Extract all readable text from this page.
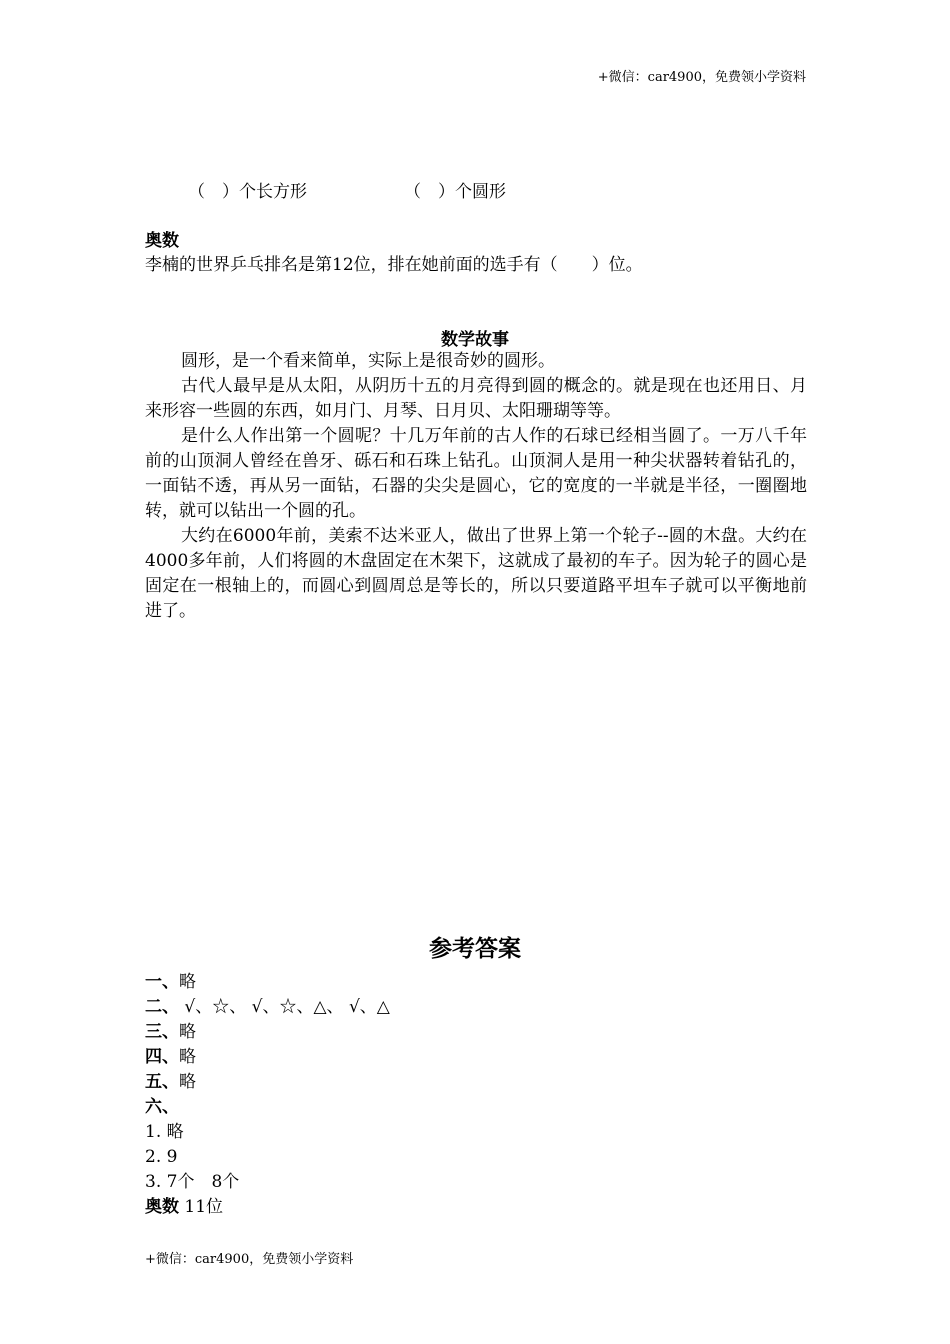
+微信：car4900，免费领小学资料
（　）个长方形	（　）个圆形
奥数
李楠的世界乒乓排名是第12位，排在她前面的选手有（　　）位。
数学故事

圆形，是一个看来简单，实际上是很奇妙的圆形。

古代人最早是从太阳，从阴历十五的月亮得到圆的概念的。就是现在也还用日、月来形容一些圆的东西，如月门、月琴、日月贝、太阳珊瑚等等。

是什么人作出第一个圆呢？十几万年前的古人作的石球已经相当圆了。一万八千年前的山顶洞人曾经在兽牙、砾石和石珠上钻孔。山顶洞人是用一种尖状器转着钻孔的，一面钻不透，再从另一面钻，石器的尖尖是圆心，它的宽度的一半就是半径，一圈圈地转，就可以钻出一个圆的孔。

大约在6000年前，美索不达米亚人，做出了世界上第一个轮子--圆的木盘。大约在4000多年前，人们将圆的木盘固定在木架下，这就成了最初的车子。因为轮子的圆心是固定在一根轴上的，而圆心到圆周总是等长的，所以只要道路平坦车子就可以平衡地前进了。

参考答案
一、略
二、 √、☆、 √、☆、△、 √、△
三、略
四、略
五、略
六、
1. 略
2. 9
3. 7个　8个
奥数 11位
+微信：car4900，免费领小学资料
